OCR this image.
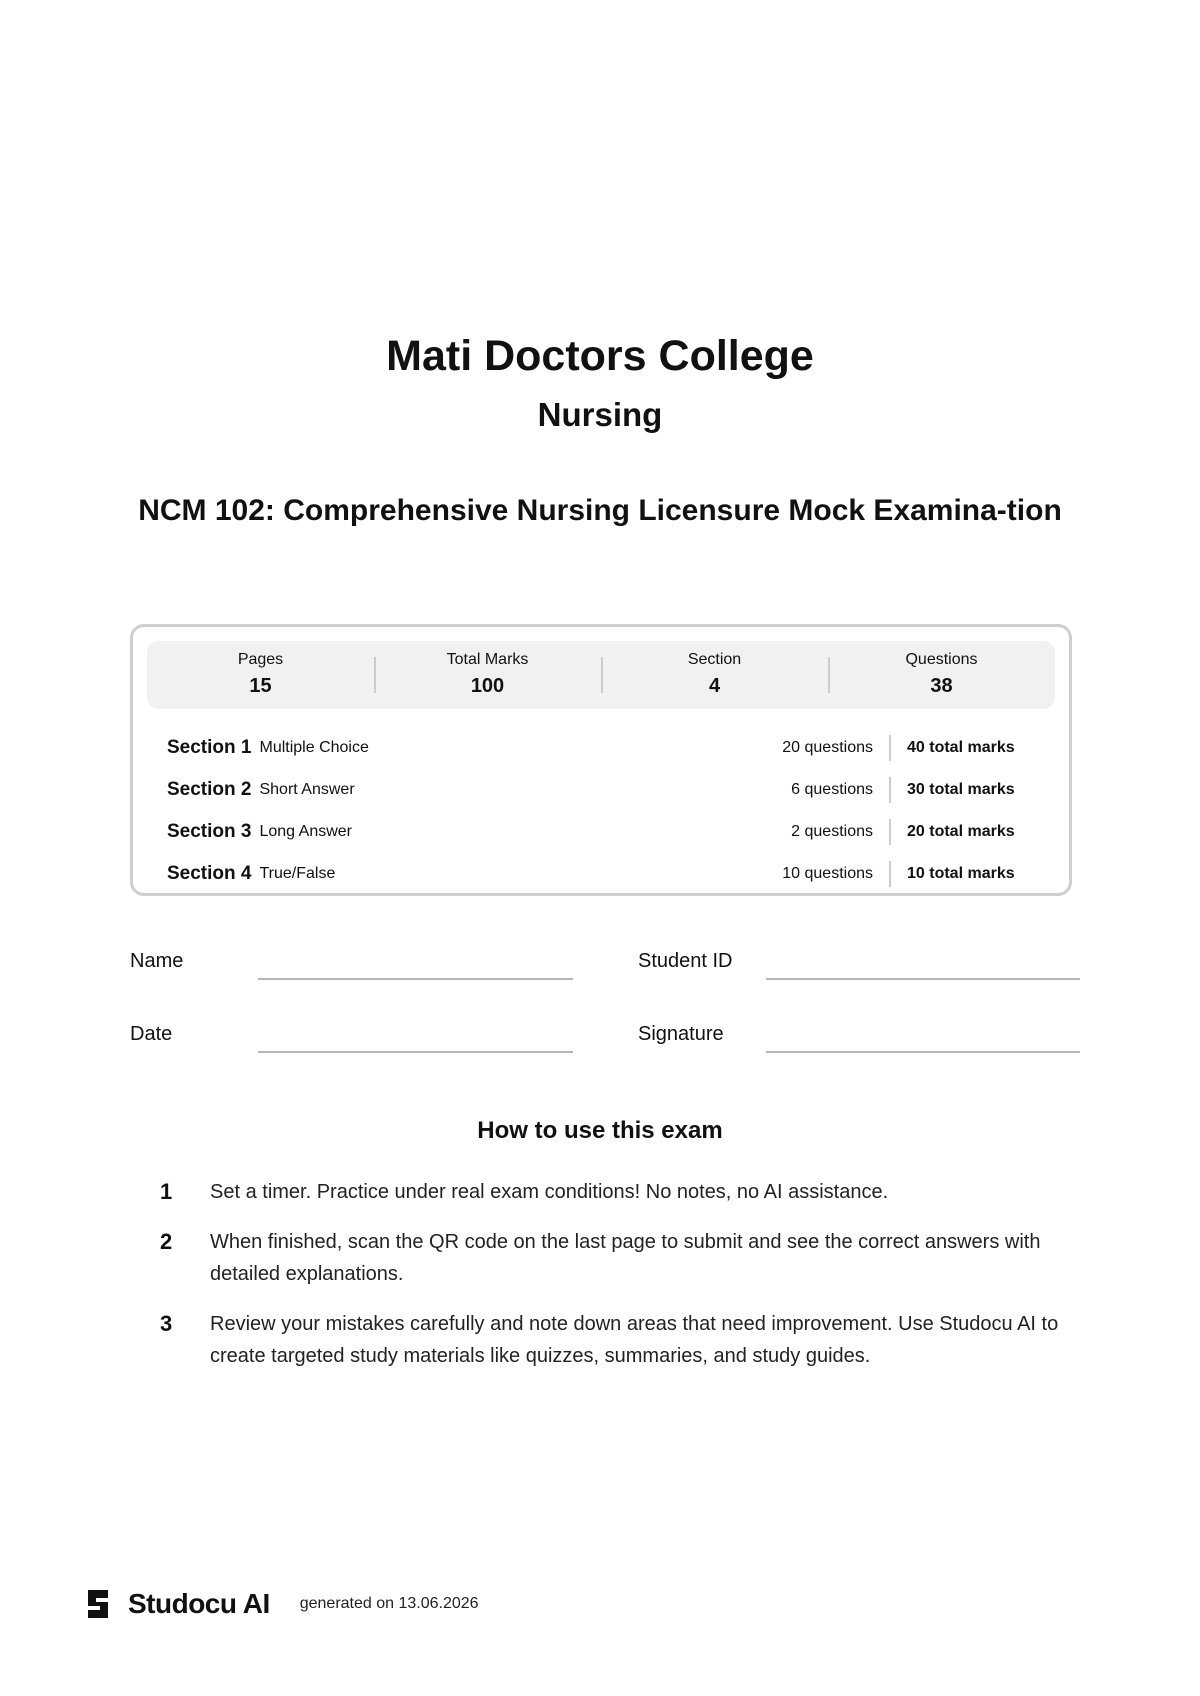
Mati Doctors College
Nursing
NCM 102: Comprehensive Nursing Licensure Mock Examina-tion
Pages
15
Total Marks
100
Section
4
Questions
38
Section 1 Multiple Choice	20 questions	40 total marks
Section 2 Short Answer	6 questions	30 total marks
Section 3 Long Answer	2 questions	20 total marks
Section 4 True/False	10 questions	10 total marks
Name	Student ID
Date	Signature
How to use this exam
1	Set a timer. Practice under real exam conditions! No notes, no AI assistance.
2	When finished, scan the QR code on the last page to submit and see the correct answers with detailed explanations.
3	Review your mistakes carefully and note down areas that need improvement. Use Studocu AI to create targeted study materials like quizzes, summaries, and study guides.
Studocu AI generated on 13.06.2026
